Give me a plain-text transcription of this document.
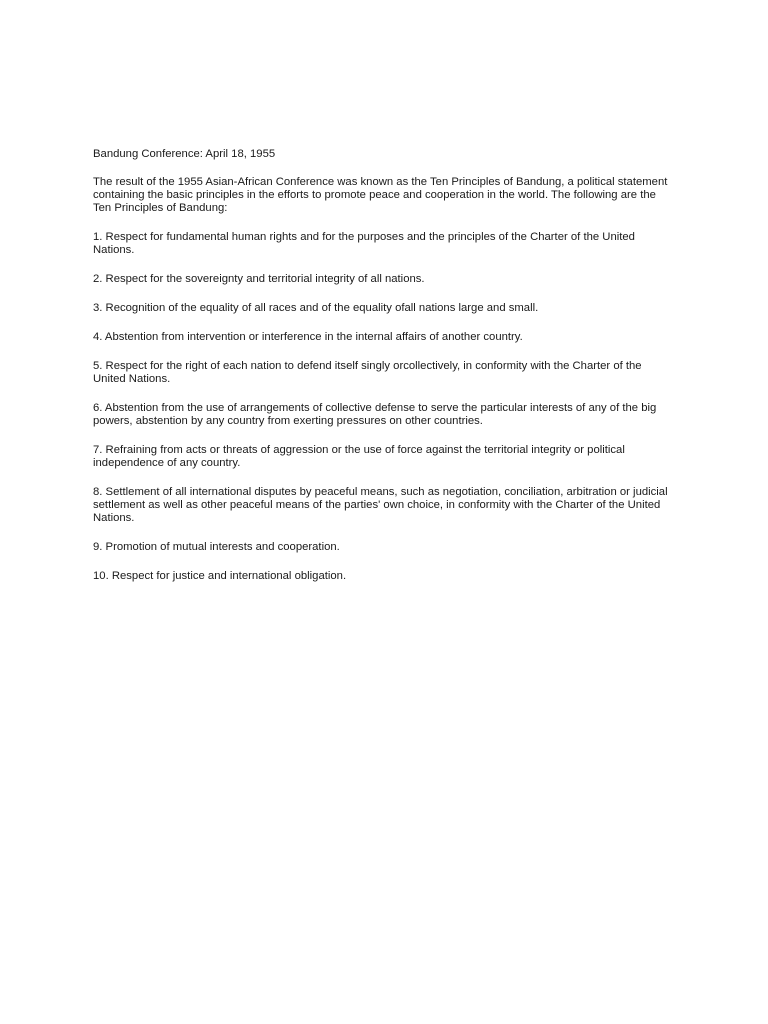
Bandung Conference: April 18, 1955
The result of the 1955 Asian-African Conference was known as the Ten Principles of Bandung, a political statement containing the basic principles in the efforts to promote peace and cooperation in the world. The following are the Ten Principles of Bandung:
1. Respect for fundamental human rights and for the purposes and the principles of the Charter of the United Nations.
2. Respect for the sovereignty and territorial integrity of all nations.
3. Recognition of the equality of all races and of the equality ofall nations large and small.
4. Abstention from intervention or interference in the internal affairs of another country.
5. Respect for the right of each nation to defend itself singly orcollectively, in conformity with the Charter of the United Nations.
6. Abstention from the use of arrangements of collective defense to serve the particular interests of any of the big powers, abstention by any country from exerting pressures on other countries.
7. Refraining from acts or threats of aggression or the use of force against the territorial integrity or political independence of any country.
8. Settlement of all international disputes by peaceful means, such as negotiation, conciliation, arbitration or judicial settlement as well as other peaceful means of the parties' own choice, in conformity with the Charter of the United Nations.
9. Promotion of mutual interests and cooperation.
10. Respect for justice and international obligation.
